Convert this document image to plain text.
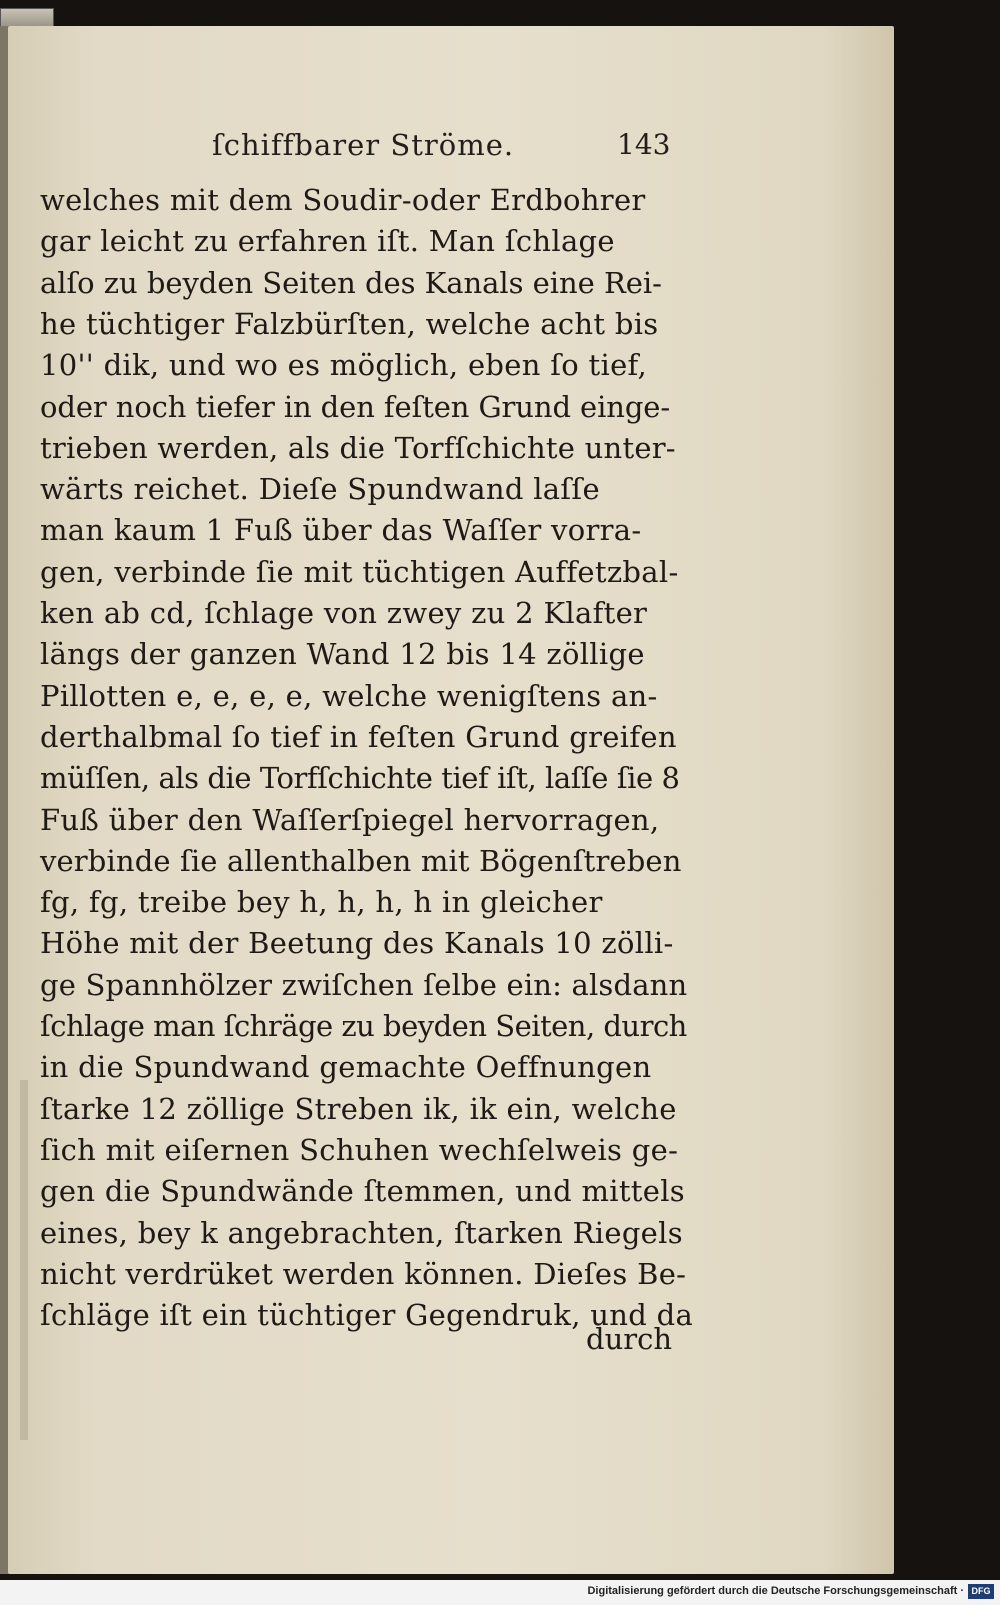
ſchiffbarer Ströme.	143
welches mit dem Soudir-oder Erdbohrer
gar leicht zu erfahren iſt. Man ſchlage
alſo zu beyden Seiten des Kanals eine Rei-
he tüchtiger Falzbürſten, welche acht bis
10'' dik, und wo es möglich, eben ſo tief,
oder noch tiefer in den feſten Grund einge-
trieben werden, als die Torfſchichte unter-
wärts reichet. Dieſe Spundwand laſſe
man kaum 1 Fuß über das Waſſer vorra-
gen, verbinde ſie mit tüchtigen Auffetzbal-
ken ab cd, ſchlage von zwey zu 2 Klafter
längs der ganzen Wand 12 bis 14 zöllige
Pillotten e, e, e, e, welche wenigſtens an-
derthalbmal ſo tief in feſten Grund greifen
müſſen, als die Torfſchichte tief iſt, laſſe ſie 8
Fuß über den Waſſerſpiegel hervorragen,
verbinde ſie allenthalben mit Bögenſtreben
fg, fg, treibe bey h, h, h, h in gleicher
Höhe mit der Beetung des Kanals 10 zölli-
ge Spannhölzer zwiſchen ſelbe ein: alsdann
ſchlage man ſchräge zu beyden Seiten, durch
in die Spundwand gemachte Oeffnungen
ſtarke 12 zöllige Streben ik, ik ein, welche
ſich mit eiſernen Schuhen wechſelweis ge-
gen die Spundwände ſtemmen, und mittels
eines, bey k angebrachten, ſtarken Riegels
nicht verdrüket werden können. Dieſes Be-
ſchläge iſt ein tüchtiger Gegendruk, und da
durch
Digitalisierung gefördert durch die Deutsche Forschungsgemeinschaft · DFG
